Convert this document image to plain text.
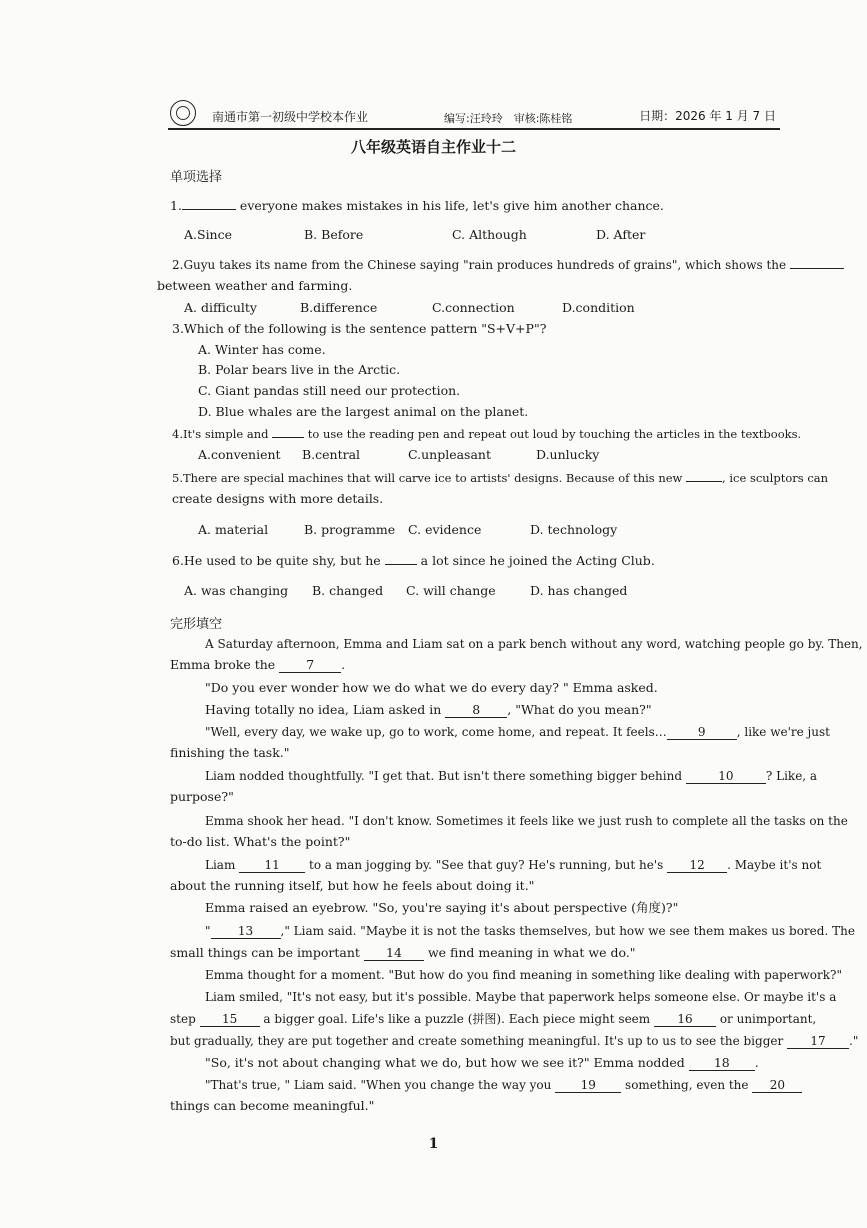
南通市第一初级中学校本作业	编写:汪玲玲　审核:陈桂铭	日期：2026 年 1 月 7 日
八年级英语自主作业十二
单项选择
1.	everyone makes mistakes in his life, let's give him another chance.
A.Since	B. Before	C. Although	D. After
2.Guyu takes its name from the Chinese saying "rain produces hundreds of grains", which shows the
between weather and farming.
A. difficulty	B.difference	C.connection	D.condition
3.Which of the following is the sentence pattern "S+V+P"?
A. Winter has come.
B. Polar bears live in the Arctic.
C. Giant pandas still need our protection.
D. Blue whales are the largest animal on the planet.
4.It's simple and	to use the reading pen and repeat out loud by touching the articles in the textbooks.
A.convenient B.central	C.unpleasant	D.unlucky
5.There are special machines that will carve ice to artists' designs. Because of this new	, ice sculptors can
create designs with more details.
A. material	B. programme C. evidence	D. technology
6.He used to be quite shy, but he	a lot since he joined the Acting Club.
A. was changing B. changed C. will change	D. has changed
完形填空
A Saturday afternoon, Emma and Liam sat on a park bench without any word, watching people go by. Then,
Emma broke the 7 .
"Do you ever wonder how we do what we do every day? " Emma asked.
Having totally no idea, Liam asked in 8 , "What do you mean?"
"Well, every day, we wake up, go to work, come home, and repeat. It feels…	9	, like we're just
finishing the task."
Liam nodded thoughtfully. "I get that. But isn't there something bigger behind	10	? Like, a
purpose?"
Emma shook her head. "I don't know. Sometimes it feels like we just rush to complete all the tasks on the
to-do list. What's the point?"
Liam 11 to a man jogging by. "See that guy? He's running, but he's 12 . Maybe it's not
about the running itself, but how he feels about doing it."
Emma raised an eyebrow. "So, you're saying it's about perspective (角度)?"
" 13 ," Liam said. "Maybe it is not the tasks themselves, but how we see them makes us bored. The
small things can be important 14 we find meaning in what we do."
Emma thought for a moment. "But how do you find meaning in something like dealing with paperwork?"
Liam smiled, "It's not easy, but it's possible. Maybe that paperwork helps someone else. Or maybe it's a
step 15 a bigger goal. Life's like a puzzle (拼图). Each piece might seem 16 or unimportant,
but gradually, they are put together and create something meaningful. It's up to us to see the bigger 17 ."
"So, it's not about changing what we do, but how we see it?" Emma nodded 18 .
"That's true, " Liam said. "When you change the way you 19 something, even the 20
things can become meaningful."
1
